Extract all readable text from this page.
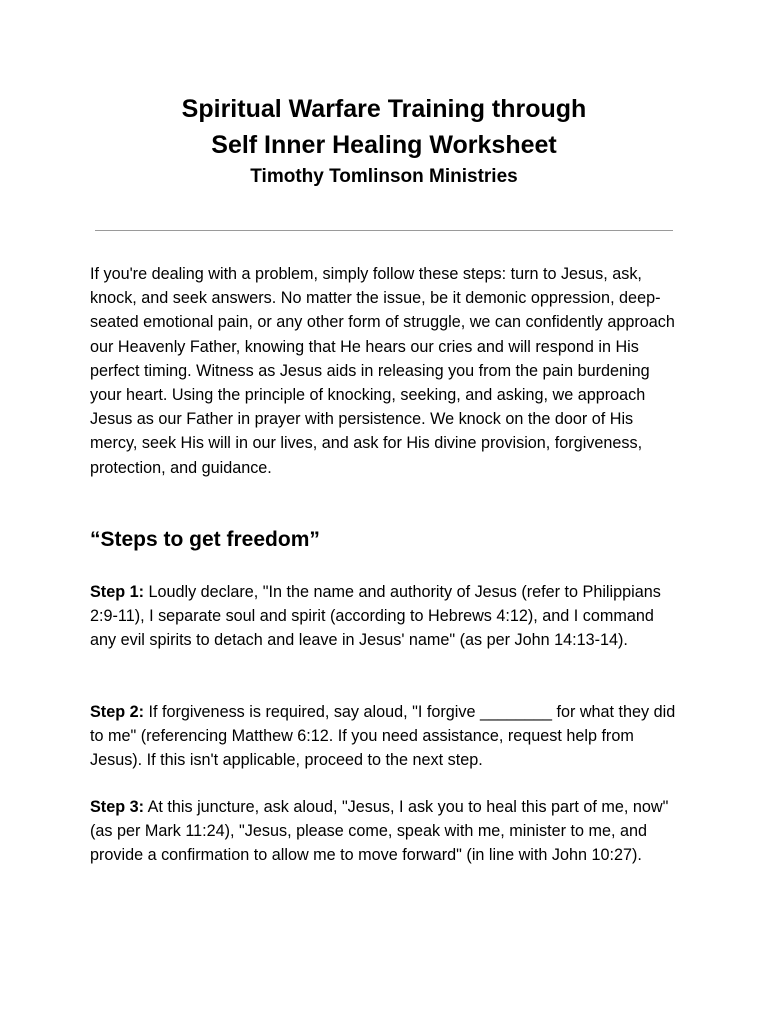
Spiritual Warfare Training through
Self Inner Healing Worksheet
Timothy Tomlinson Ministries

If you're dealing with a problem, simply follow these steps: turn to Jesus, ask, knock, and seek answers. No matter the issue, be it demonic oppression, deep-seated emotional pain, or any other form of struggle, we can confidently approach our Heavenly Father, knowing that He hears our cries and will respond in His perfect timing. Witness as Jesus aids in releasing you from the pain burdening your heart. Using the principle of knocking, seeking, and asking, we approach Jesus as our Father in prayer with persistence. We knock on the door of His mercy, seek His will in our lives, and ask for His divine provision, forgiveness, protection, and guidance.

“Steps to get freedom”

Step 1: Loudly declare, "In the name and authority of Jesus (refer to Philippians 2:9-11), I separate soul and spirit (according to Hebrews 4:12), and I command any evil spirits to detach and leave in Jesus' name" (as per John 14:13-14).

Step 2: If forgiveness is required, say aloud, "I forgive ________ for what they did to me" (referencing Matthew 6:12. If you need assistance, request help from Jesus). If this isn't applicable, proceed to the next step.

Step 3: At this juncture, ask aloud, "Jesus, I ask you to heal this part of me, now" (as per Mark 11:24), "Jesus, please come, speak with me, minister to me, and provide a confirmation to allow me to move forward" (in line with John 10:27).
